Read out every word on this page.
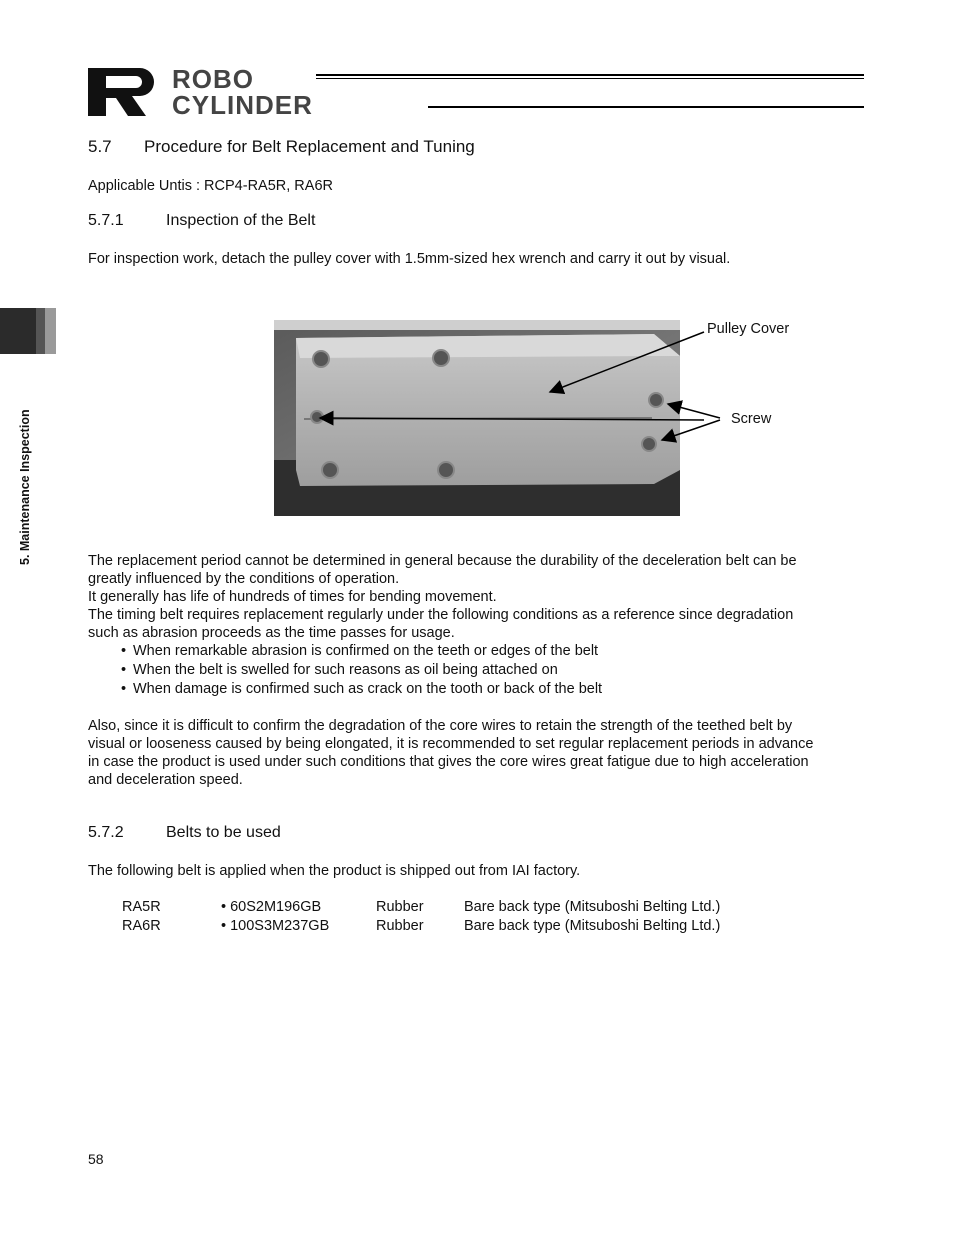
ROBO
CYLINDER
5. Maintenance Inspection
5.7 Procedure for Belt Replacement and Tuning
Applicable Untis : RCP4-RA5R, RA6R
5.7.1	Inspection of the Belt
For inspection work, detach the pulley cover with 1.5mm-sized hex wrench and carry it out by visual.
Pulley Cover
Screw
The replacement period cannot be determined in general because the durability of the deceleration belt can be
greatly influenced by the conditions of operation.
It generally has life of hundreds of times for bending movement.
The timing belt requires replacement regularly under the following conditions as a reference since degradation
such as abrasion proceeds as the time passes for usage.
• When remarkable abrasion is confirmed on the teeth or edges of the belt
• When the belt is swelled for such reasons as oil being attached on
• When damage is confirmed such as crack on the tooth or back of the belt
Also, since it is difficult to confirm the degradation of the core wires to retain the strength of the teethed belt by
visual or looseness caused by being elongated, it is recommended to set regular replacement periods in advance
in case the product is used under such conditions that gives the core wires great fatigue due to high acceleration
and deceleration speed.
5.7.2	Belts to be used
The following belt is applied when the product is shipped out from IAI factory.
RA5R	• 60S2M196GB	Rubber	Bare back type (Mitsuboshi Belting Ltd.)
RA6R	• 100S3M237GB	Rubber	Bare back type (Mitsuboshi Belting Ltd.)
58
